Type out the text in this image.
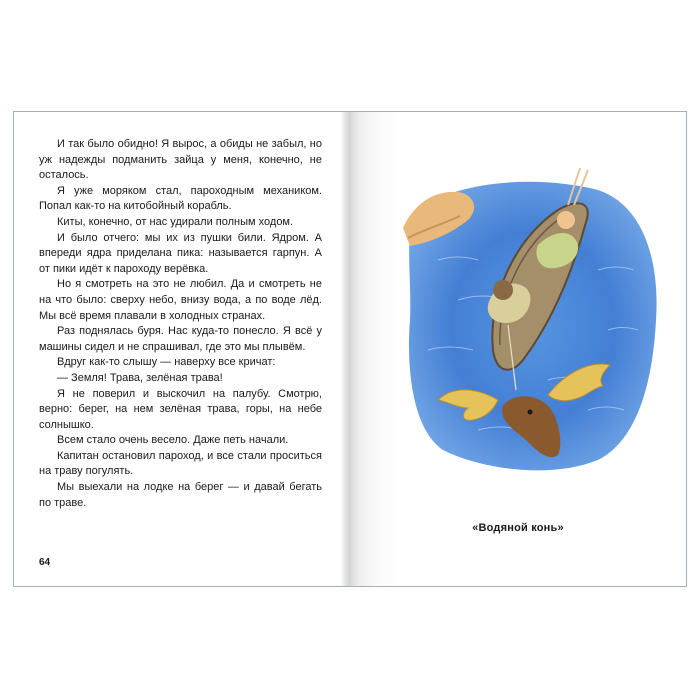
И так было обидно! Я вырос, а обиды не забыл, но уж надежды подманить зайца у меня, конечно, не осталось.

Я уже моряком стал, пароходным механиком. Попал как-то на китобойный корабль.

Киты, конечно, от нас удирали полным ходом.

И было отчего: мы их из пушки били. Ядром. А впереди ядра приделана пика: называется гарпун. А от пики идёт к пароходу верёвка.

Но я смотреть на это не любил. Да и смотреть не на что было: сверху небо, внизу вода, а по воде лёд. Мы всё время плавали в холодных странах.

Раз поднялась буря. Нас куда-то понесло. Я всё у машины сидел и не спрашивал, где это мы плывём.

Вдруг как-то слышу — наверху все кричат:

— Земля! Трава, зелёная трава!

Я не поверил и выскочил на палубу. Смотрю, верно: берег, на нем зелёная трава, горы, на небе солнышко.

Всем стало очень весело. Даже петь начали.

Капитан остановил пароход, и все стали проситься на траву погулять.

Мы выехали на лодке на берег — и давай бегать по траве.

64
«Водяной конь»
